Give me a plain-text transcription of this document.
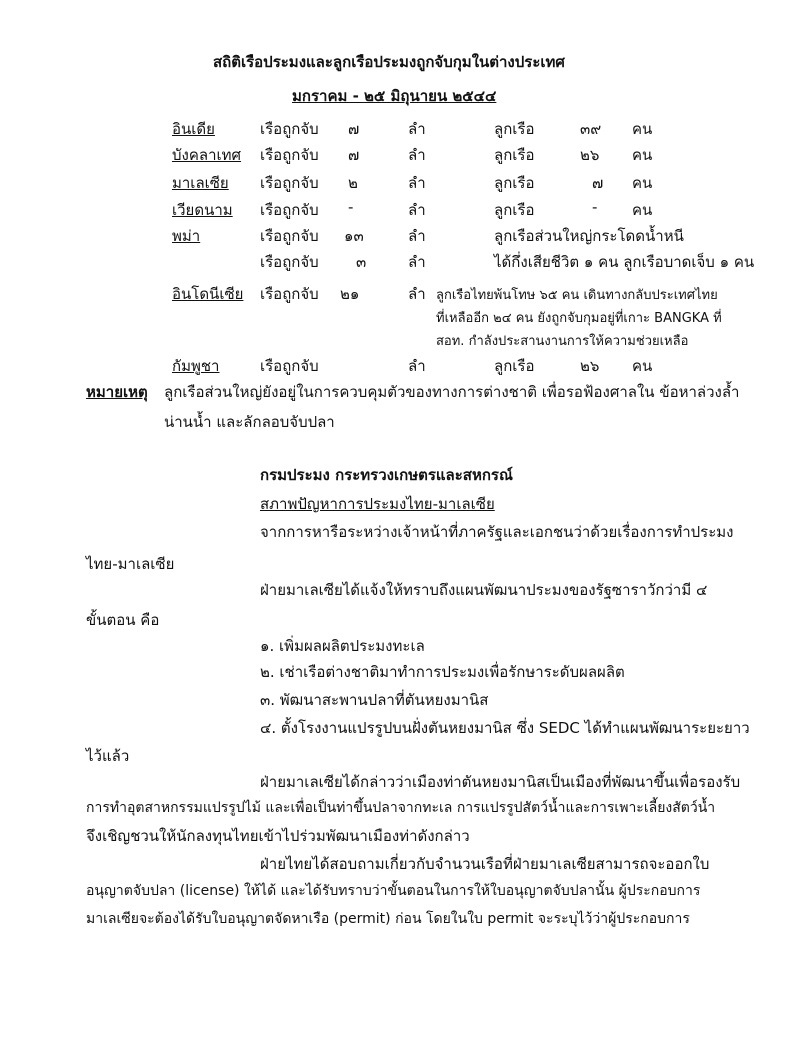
สถิติเรือประมงและลูกเรือประมงถูกจับกุมในต่างประเทศ
มกราคม - ๒๕ มิถุนายน ๒๕๔๔
อินเดีย	เรือถูกจับ ๗	ลำ	ลูกเรือ	๓๙ คน
บังคลาเทศ เรือถูกจับ ๗	ลำ	ลูกเรือ	๒๖ คน
มาเลเซีย เรือถูกจับ ๒	ลำ	ลูกเรือ	๗ คน
เวียดนาม เรือถูกจับ -	ลำ	ลูกเรือ	- คน
พม่า	เรือถูกจับ ๑๓	ลำ	ลูกเรือส่วนใหญ่กระโดดน้ำหนี
เรือถูกจับ ๓	ลำ	ได้กึ่งเสียชีวิต ๑ คน ลูกเรือบาดเจ็บ ๑ คน
อินโดนีเซีย เรือถูกจับ ๒๑	ลำ ลูกเรือไทยพ้นโทษ ๖๕ คน เดินทางกลับประเทศไทย
ที่เหลืออีก ๒๔ คน ยังถูกจับกุมอยู่ที่เกาะ BANGKA ที่
สอท. กำลังประสานงานการให้ความช่วยเหลือ
กัมพูชา	เรือถูกจับ	ลำ	ลูกเรือ	๒๖ คน
หมายเหตุ ลูกเรือส่วนใหญ่ยังอยู่ในการควบคุมตัวของทางการต่างชาติ เพื่อรอฟ้องศาลใน ข้อหาล่วงล้ำ
น่านน้ำ และลักลอบจับปลา
กรมประมง กระทรวงเกษตรและสหกรณ์
สภาพปัญหาการประมงไทย-มาเลเซีย
จากการหารือระหว่างเจ้าหน้าที่ภาครัฐและเอกชนว่าด้วยเรื่องการทำประมง
ไทย-มาเลเซีย
ฝ่ายมาเลเซียได้แจ้งให้ทราบถึงแผนพัฒนาประมงของรัฐซาราวักว่ามี ๔
ขั้นตอน คือ
๑. เพิ่มผลผลิตประมงทะเล
๒. เช่าเรือต่างชาติมาทำการประมงเพื่อรักษาระดับผลผลิต
๓. พัฒนาสะพานปลาที่ตันหยงมานิส
๔. ตั้งโรงงานแปรรูปบนฝั่งตันหยงมานิส ซึ่ง SEDC ได้ทำแผนพัฒนาระยะยาว
ไว้แล้ว
ฝ่ายมาเลเซียได้กล่าวว่าเมืองท่าตันหยงมานิสเป็นเมืองที่พัฒนาขึ้นเพื่อรองรับ
การทำอุตสาหกรรมแปรรูปไม้ และเพื่อเป็นท่าขึ้นปลาจากทะเล การแปรรูปสัตว์น้ำและการเพาะเลี้ยงสัตว์น้ำ
จึงเชิญชวนให้นักลงทุนไทยเข้าไปร่วมพัฒนาเมืองท่าดังกล่าว
ฝ่ายไทยได้สอบถามเกี่ยวกับจำนวนเรือที่ฝ่ายมาเลเซียสามารถจะออกใบ
อนุญาตจับปลา (license) ให้ได้ และได้รับทราบว่าขั้นตอนในการให้ใบอนุญาตจับปลานั้น ผู้ประกอบการ
มาเลเซียจะต้องได้รับใบอนุญาตจัดหาเรือ (permit) ก่อน โดยในใบ permit จะระบุไว้ว่าผู้ประกอบการ
